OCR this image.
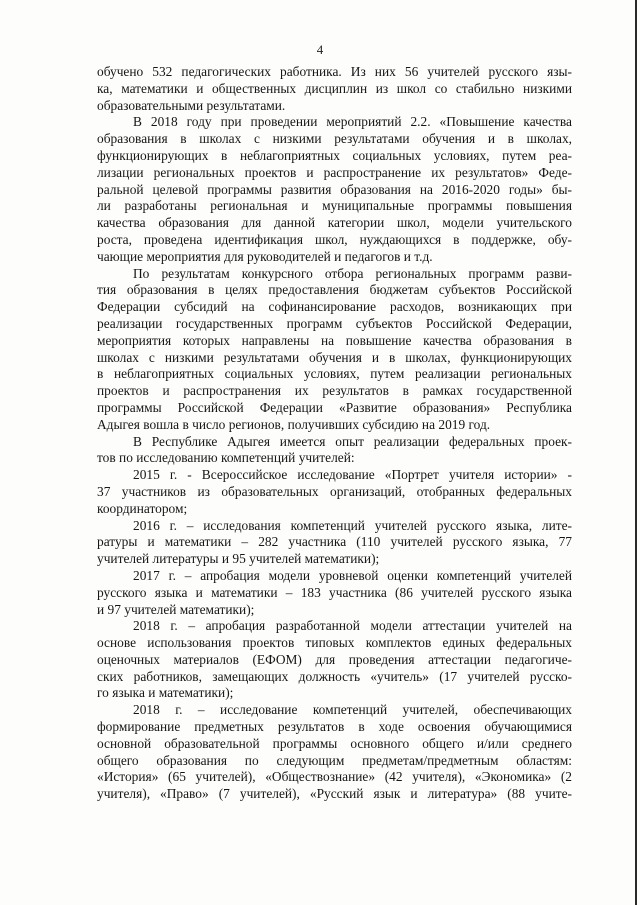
4
обучено 532 педагогических работника. Из них 56 учителей русского язы-
ка, математики и общественных дисциплин из школ со стабильно низкими
образовательными результатами.
В 2018 году при проведении мероприятий 2.2. «Повышение качества
образования в школах с низкими результатами обучения и в школах,
функционирующих в неблагоприятных социальных условиях, путем реа-
лизации региональных проектов и распространение их результатов» Феде-
ральной целевой программы развития образования на 2016-2020 годы» бы-
ли разработаны региональная и муниципальные программы повышения
качества образования для данной категории школ, модели учительского
роста, проведена идентификация школ, нуждающихся в поддержке, обу-
чающие мероприятия для руководителей и педагогов и т.д.
По результатам конкурсного отбора региональных программ разви-
тия образования в целях предоставления бюджетам субъектов Российской
Федерации субсидий на софинансирование расходов, возникающих при
реализации государственных программ субъектов Российской Федерации,
мероприятия которых направлены на повышение качества образования в
школах с низкими результатами обучения и в школах, функционирующих
в неблагоприятных социальных условиях, путем реализации региональных
проектов и распространения их результатов в рамках государственной
программы Российской Федерации «Развитие образования» Республика
Адыгея вошла в число регионов, получивших субсидию на 2019 год.
В Республике Адыгея имеется опыт реализации федеральных проек-
тов по исследованию компетенций учителей:
2015 г. - Всероссийское исследование «Портрет учителя истории» -
37 участников из образовательных организаций, отобранных федеральных
координатором;
2016 г. – исследования компетенций учителей русского языка, лите-
ратуры и математики – 282 участника (110 учителей русского языка, 77
учителей литературы и 95 учителей математики);
2017 г. – апробация модели уровневой оценки компетенций учителей
русского языка и математики – 183 участника (86 учителей русского языка
и 97 учителей математики);
2018 г. – апробация разработанной модели аттестации учителей на
основе использования проектов типовых комплектов единых федеральных
оценочных материалов (ЕФОМ) для проведения аттестации педагогиче-
ских работников, замещающих должность «учитель» (17 учителей русско-
го языка и математики);
2018 г. – исследование компетенций учителей, обеспечивающих
формирование предметных результатов в ходе освоения обучающимися
основной образовательной программы основного общего и/или среднего
общего образования по следующим предметам/предметным областям:
«История» (65 учителей), «Обществознание» (42 учителя), «Экономика» (2
учителя), «Право» (7 учителей), «Русский язык и литература» (88 учите-
